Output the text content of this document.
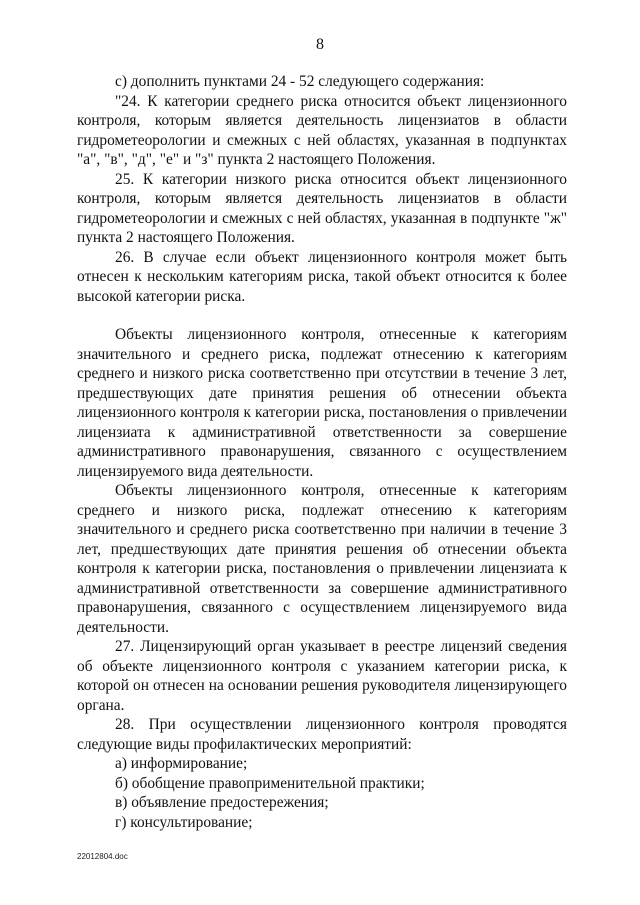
8

с) дополнить пунктами 24 - 52 следующего содержания:

"24. К категории среднего риска относится объект лицензионного контроля, которым является деятельность лицензиатов в области гидрометеорологии и смежных с ней областях, указанная в подпунктах "а", "в", "д", "е" и "з" пункта 2 настоящего Положения.

25. К категории низкого риска относится объект лицензионного контроля, которым является деятельность лицензиатов в области гидрометеорологии и смежных с ней областях, указанная в подпункте "ж" пункта 2 настоящего Положения.

26. В случае если объект лицензионного контроля может быть отнесен к нескольким категориям риска, такой объект относится к более высокой категории риска.

Объекты лицензионного контроля, отнесенные к категориям значительного и среднего риска, подлежат отнесению к категориям среднего и низкого риска соответственно при отсутствии в течение 3 лет, предшествующих дате принятия решения об отнесении объекта лицензионного контроля к категории риска, постановления о привлечении лицензиата к административной ответственности за совершение административного правонарушения, связанного с осуществлением лицензируемого вида деятельности.

Объекты лицензионного контроля, отнесенные к категориям среднего и низкого риска, подлежат отнесению к категориям значительного и среднего риска соответственно при наличии в течение 3 лет, предшествующих дате принятия решения об отнесении объекта контроля к категории риска, постановления о привлечении лицензиата к административной ответственности за совершение административного правонарушения, связанного с осуществлением лицензируемого вида деятельности.

27. Лицензирующий орган указывает в реестре лицензий сведения об объекте лицензионного контроля с указанием категории риска, к которой он отнесен на основании решения руководителя лицензирующего органа.

28. При осуществлении лицензионного контроля проводятся следующие виды профилактических мероприятий:

а) информирование;

б) обобщение правоприменительной практики;

в) объявление предостережения;

г) консультирование;

22012804.doc
